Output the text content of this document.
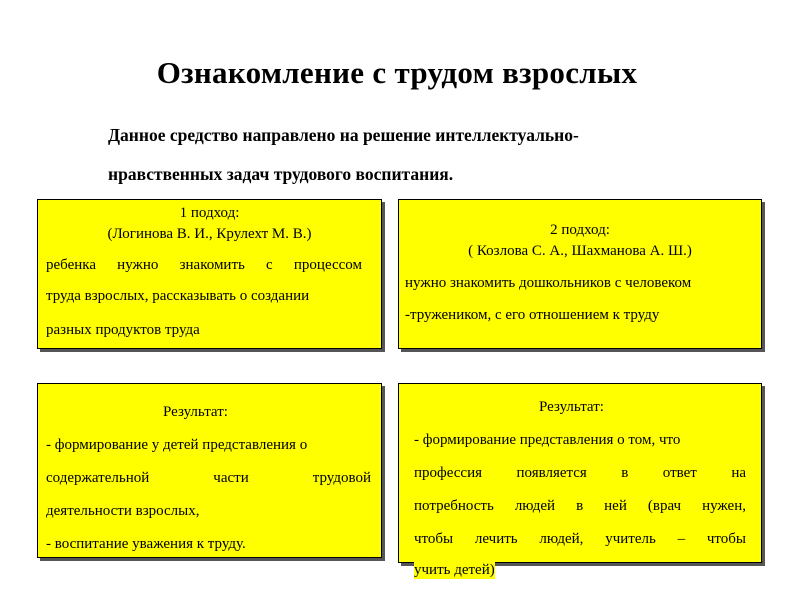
Ознакомление с трудом взрослых
Данное средство направлено на решение интеллектуально-
нравственных задач трудового воспитания.
1 подход:
(Логинова В. И., Крулехт М. В.)
ребенка нужно знакомить с процессом
труда взрослых, рассказывать о создании
разных продуктов труда
2 подход:
( Козлова С. А., Шахманова А. Ш.)
нужно знакомить дошкольников с человеком
-тружеником, с его отношением к труду
Результат:
- формирование у детей представления о
содержательной части трудовой
деятельности взрослых,
- воспитание уважения к труду.
Результат:
- формирование представления о том, что
профессия появляется в ответ на
потребность людей в ней (врач нужен,
чтобы лечить людей, учитель – чтобы
учить детей)
